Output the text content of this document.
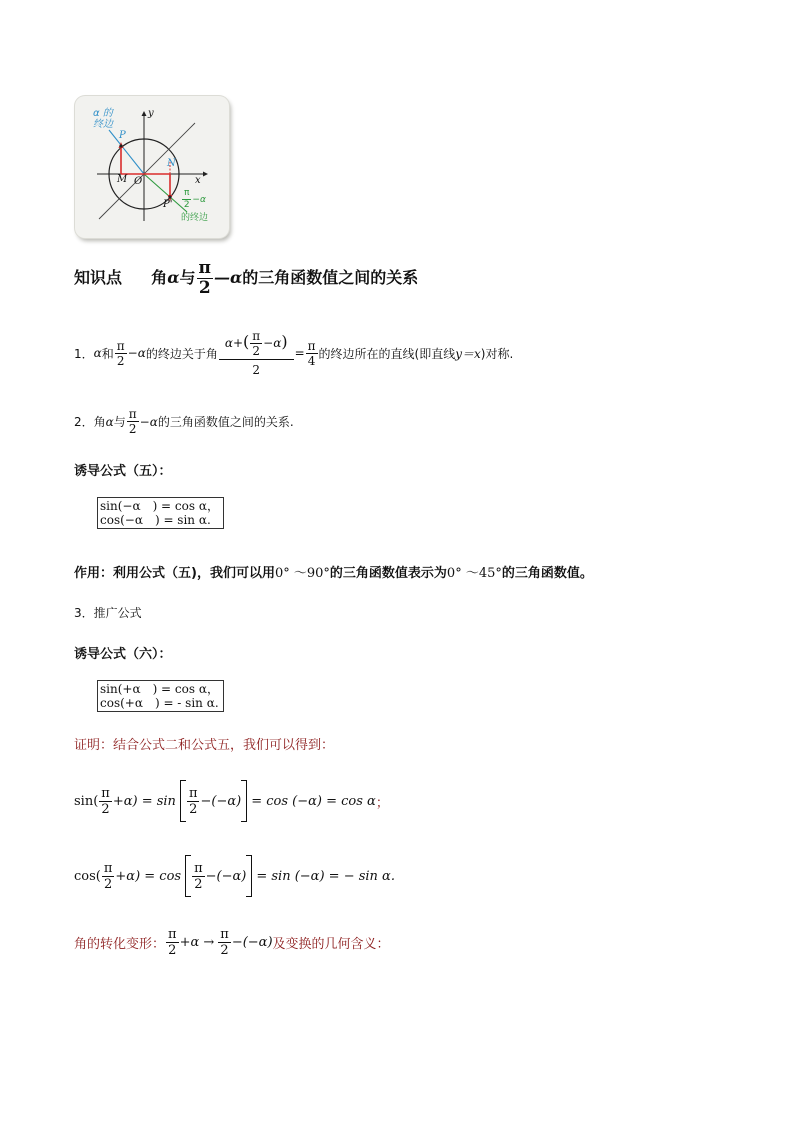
α 的
终边
P
N
M O	x
y
$P' \frac{\pi}{2} -\alpha$
的终边
知识点 角α与 $\frac{\pi}{2}$ —α的三角函数值之间的关系
1． α 和 $\frac{\pi}{2} -\alpha$ 的终边关于角 $\frac{\alpha+( \frac{\pi}{2} -\alpha)}{2} = \frac{\pi}{4}$ 的终边所在的直线(即直线 y＝x )对称.
2． 角 α 与 $\frac{\pi}{2} -\alpha$ 的三角函数值之间的关系.
诱导公式（五）：
sin(−α　) = cos α，
cos(−α　) = sin α.
作用：利用公式（五)，我们可以用0° ～90°的三角函数值表示为0° ～45°的三角函数值。
3．推广公式
诱导公式（六）：
sin(+α　) = cos α，
cos(+α　) = - sin α.
证明：结合公式二和公式五，我们可以得到：
$\sin( \frac{\pi}{2} +\alpha) = \sin \frac{\pi}{2} -(-\alpha) = \cos (-\alpha) = \cos \alpha$ ；
$\cos( \frac{\pi}{2} +\alpha) = \cos \frac{\pi}{2} -(-\alpha) = \sin (-\alpha)$ = − sin α.
角的转化变形： $\frac{\pi}{2} +\alpha \to \frac{\pi}{2} -(-\alpha)$ 及变换的几何含义：
